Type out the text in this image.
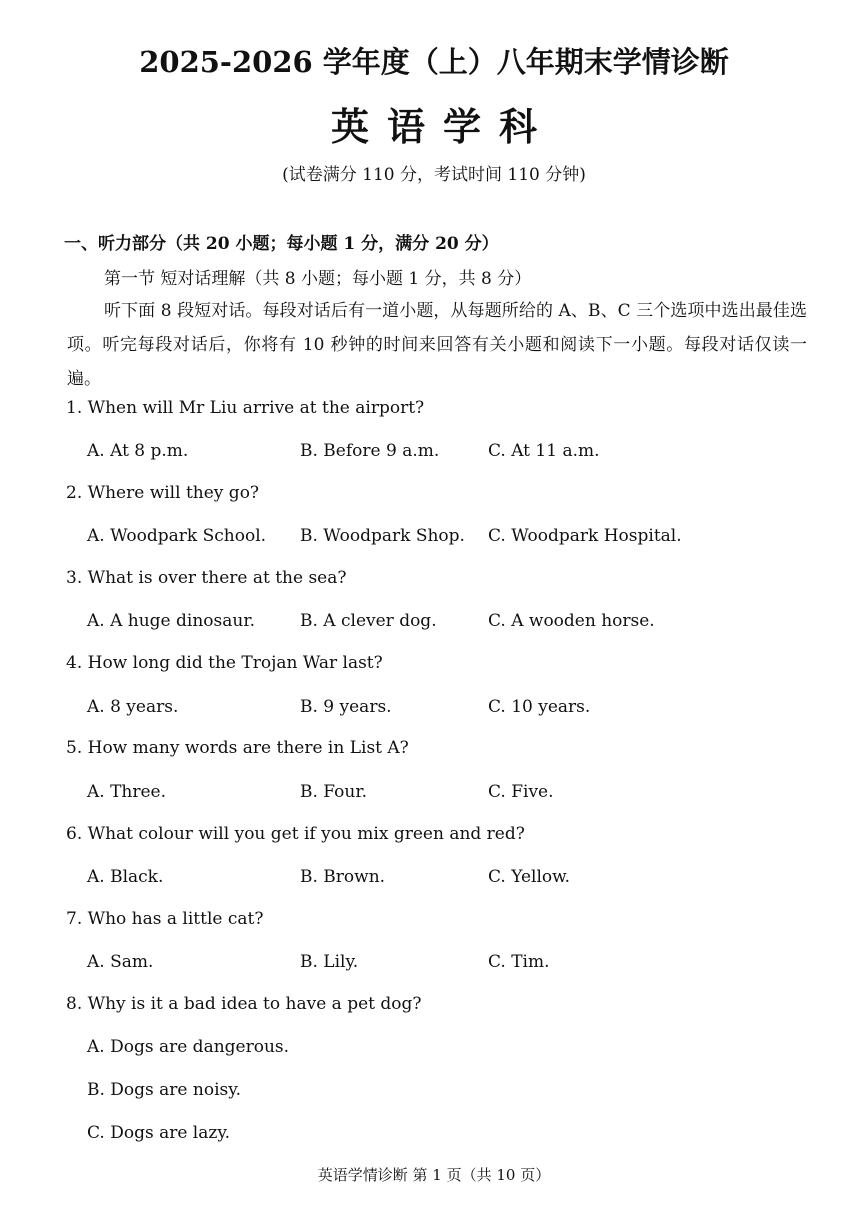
2025-2026 学年度（上）八年期末学情诊断
英语学科
(试卷满分 110 分，考试时间 110 分钟)
一、听力部分（共 20 小题；每小题 1 分，满分 20 分）
第一节 短对话理解（共 8 小题；每小题 1 分，共 8 分）
听下面 8 段短对话。每段对话后有一道小题，从每题所给的 A、B、C 三个选项中选出最佳选项。听完每段对话后，你将有 10 秒钟的时间来回答有关小题和阅读下一小题。每段对话仅读一遍。
1. When will Mr Liu arrive at the airport?
A. At 8 p.m.	B. Before 9 a.m.	C. At 11 a.m.
2. Where will they go?
A. Woodpark School. B. Woodpark Shop. C. Woodpark Hospital.
3. What is over there at the sea?
A. A huge dinosaur.	B. A clever dog.	C. A wooden horse.
4. How long did the Trojan War last?
A. 8 years.	B. 9 years.	C. 10 years.
5. How many words are there in List A?
A. Three.	B. Four.	C. Five.
6. What colour will you get if you mix green and red?
A. Black.	B. Brown.	C. Yellow.
7. Who has a little cat?
A. Sam.	B. Lily.	C. Tim.
8. Why is it a bad idea to have a pet dog?
A. Dogs are dangerous.
B. Dogs are noisy.
C. Dogs are lazy.
英语学情诊断 第 1 页（共 10 页）
